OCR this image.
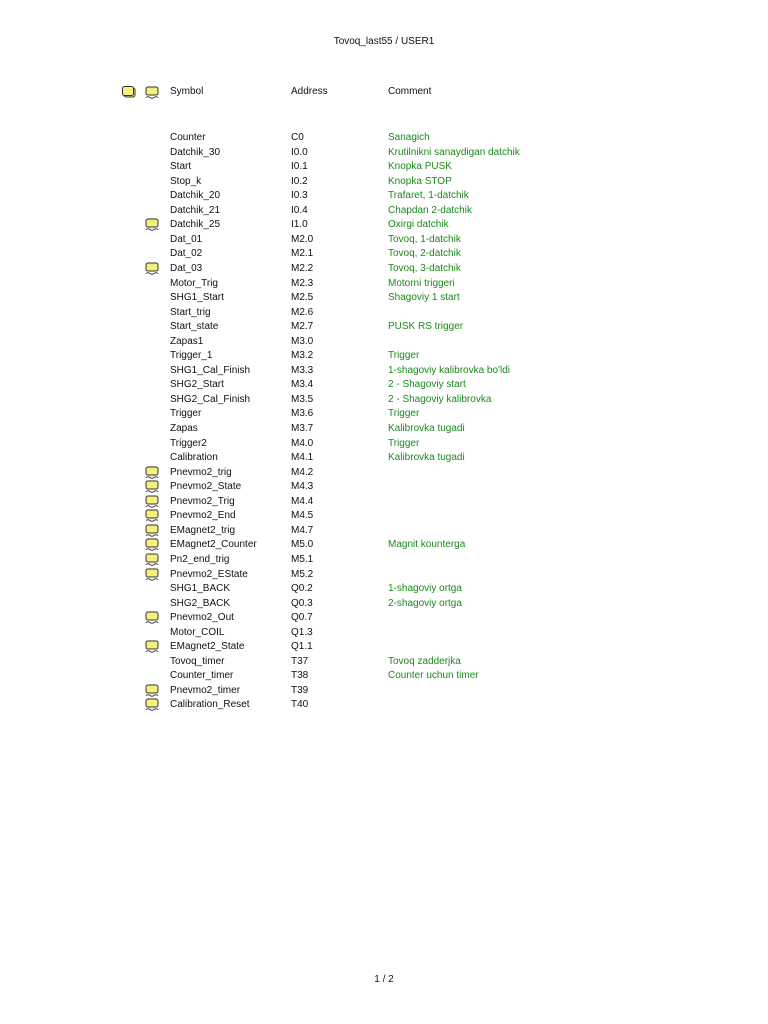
Tovoq_last55 / USER1
Symbol	Address	Comment
Counter	C0	Sanagich
Datchik_30	I0.0	Krutilnikni sanaydigan datchik
Start	I0.1	Knopka PUSK
Stop_k	I0.2	Knopka STOP
Datchik_20	I0.3	Trafaret, 1-datchik
Datchik_21	I0.4	Chapdan 2-datchik
Datchik_25	I1.0	Oxirgi datchik
Dat_01	M2.0	Tovoq, 1-datchik
Dat_02	M2.1	Tovoq, 2-datchik
Dat_03	M2.2	Tovoq, 3-datchik
Motor_Trig	M2.3	Motorni triggeri
SHG1_Start	M2.5	Shagoviy 1 start
Start_trig	M2.6
Start_state	M2.7	PUSK RS trigger
Zapas1	M3.0
Trigger_1	M3.2	Trigger
SHG1_Cal_Finish	M3.3	1-shagoviy kalibrovka bo'ldi
SHG2_Start	M3.4	2 - Shagoviy start
SHG2_Cal_Finish	M3.5	2 - Shagoviy kalibrovka
Trigger	M3.6	Trigger
Zapas	M3.7	Kalibrovka tugadi
Trigger2	M4.0	Trigger
Calibration	M4.1	Kalibrovka tugadi
Pnevmo2_trig	M4.2
Pnevmo2_State	M4.3
Pnevmo2_Trig	M4.4
Pnevmo2_End	M4.5
EMagnet2_trig	M4.7
EMagnet2_Counter	M5.0	Magnit kounterga
Pn2_end_trig	M5.1
Pnevmo2_EState	M5.2
SHG1_BACK	Q0.2	1-shagoviy ortga
SHG2_BACK	Q0.3	2-shagoviy ortga
Pnevmo2_Out	Q0.7
Motor_COIL	Q1.3
EMagnet2_State	Q1.1
Tovoq_timer	T37	Tovoq zadderjka
Counter_timer	T38	Counter uchun timer
Pnevmo2_timer	T39
Calibration_Reset	T40
1 / 2
